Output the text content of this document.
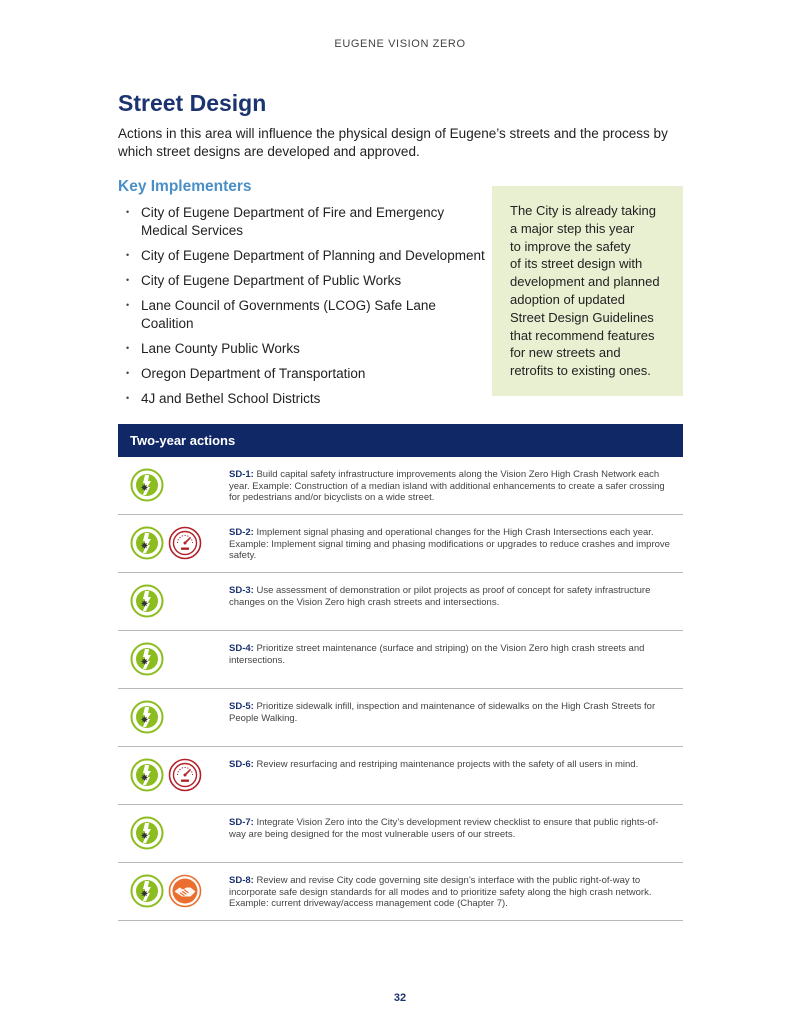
EUGENE VISION ZERO
Street Design

Actions in this area will influence the physical design of Eugene’s streets and the process by which street designs are developed and approved.

Key Implementers
• City of Eugene Department of Fire and Emergency Medical Services
• City of Eugene Department of Planning and Development
• City of Eugene Department of Public Works
• Lane Council of Governments (LCOG) Safe Lane Coalition
• Lane County Public Works
• Oregon Department of Transportation
• 4J and Bethel School Districts

The City is already taking
a major step this year
to improve the safety
of its street design with
development and planned
adoption of updated
Street Design Guidelines
that recommend features
for new streets and
retrofits to existing ones.

Two-year actions
SD-1: Build capital safety infrastructure improvements along the Vision Zero High Crash Network each year. Example: Construction of a median island with additional enhancements to create a safer crossing for pedestrians and/or bicyclists on a wide street.
SD-2: Implement signal phasing and operational changes for the High Crash Intersections each year. Example: Implement signal timing and phasing modifications or upgrades to reduce crashes and improve safety.
SD-3: Use assessment of demonstration or pilot projects as proof of concept for safety infrastructure changes on the Vision Zero high crash streets and intersections.
SD-4: Prioritize street maintenance (surface and striping) on the Vision Zero high crash streets and intersections.
SD-5: Prioritize sidewalk infill, inspection and maintenance of sidewalks on the High Crash Streets for People Walking.
SD-6: Review resurfacing and restriping maintenance projects with the safety of all users in mind.
SD-7: Integrate Vision Zero into the City’s development review checklist to ensure that public rights-of-way are being designed for the most vulnerable users of our streets.
SD-8: Review and revise City code governing site design’s interface with the public right-of-way to incorporate safe design standards for all modes and to prioritize safety along the high crash network. Example: current driveway/access management code (Chapter 7).
32
